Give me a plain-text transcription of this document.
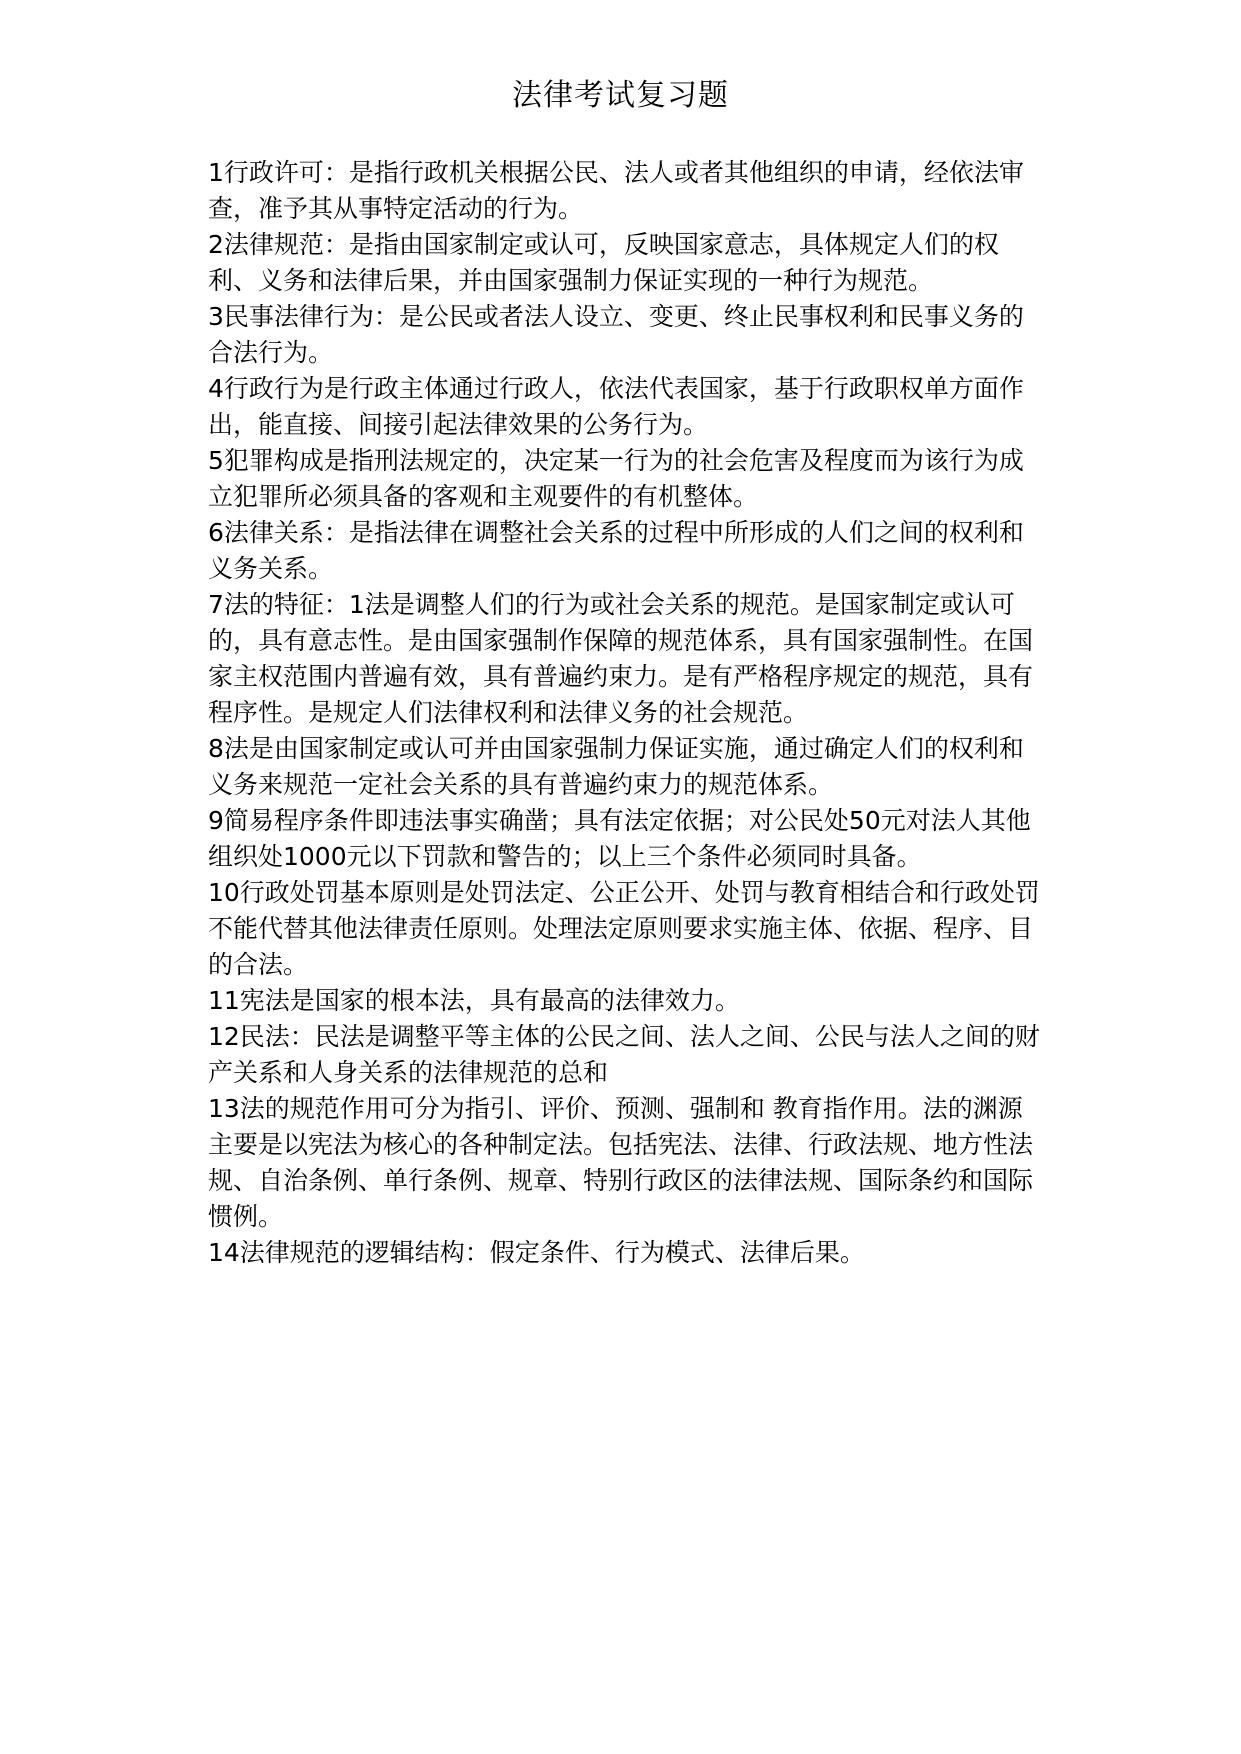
法律考试复习题

1行政许可：是指行政机关根据公民、法人或者其他组织的申请，经依法审查，准予其从事特定活动的行为。

2法律规范：是指由国家制定或认可，反映国家意志，具体规定人们的权利、义务和法律后果，并由国家强制力保证实现的一种行为规范。

3民事法律行为：是公民或者法人设立、变更、终止民事权利和民事义务的合法行为。

4行政行为是行政主体通过行政人，依法代表国家，基于行政职权单方面作出，能直接、间接引起法律效果的公务行为。

5犯罪构成是指刑法规定的，决定某一行为的社会危害及程度而为该行为成立犯罪所必须具备的客观和主观要件的有机整体。

6法律关系：是指法律在调整社会关系的过程中所形成的人们之间的权利和义务关系。

7法的特征：1法是调整人们的行为或社会关系的规范。是国家制定或认可的，具有意志性。是由国家强制作保障的规范体系，具有国家强制性。在国家主权范围内普遍有效，具有普遍约束力。是有严格程序规定的规范，具有程序性。是规定人们法律权利和法律义务的社会规范。

8法是由国家制定或认可并由国家强制力保证实施，通过确定人们的权利和义务来规范一定社会关系的具有普遍约束力的规范体系。

9简易程序条件即违法事实确凿；具有法定依据；对公民处50元对法人其他组织处1000元以下罚款和警告的；以上三个条件必须同时具备。

10行政处罚基本原则是处罚法定、公正公开、处罚与教育相结合和行政处罚不能代替其他法律责任原则。处理法定原则要求实施主体、依据、程序、目的合法。

11宪法是国家的根本法，具有最高的法律效力。

12民法：民法是调整平等主体的公民之间、法人之间、公民与法人之间的财产关系和人身关系的法律规范的总和

13法的规范作用可分为指引、评价、预测、强制和 教育指作用。法的渊源主要是以宪法为核心的各种制定法。包括宪法、法律、行政法规、地方性法规、自治条例、单行条例、规章、特别行政区的法律法规、国际条约和国际惯例。

14法律规范的逻辑结构：假定条件、行为模式、法律后果。
